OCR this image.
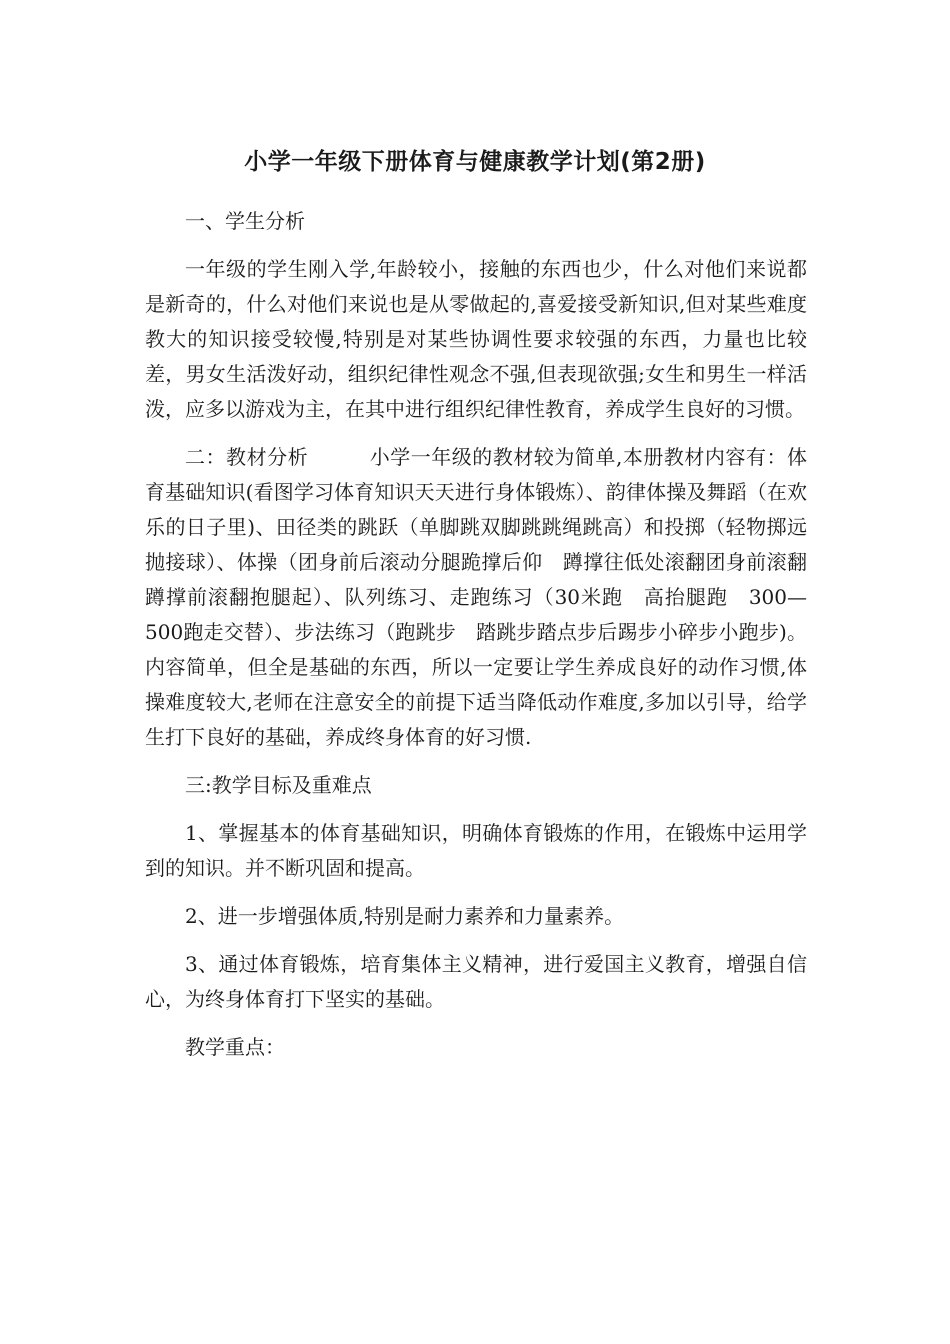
小学一年级下册体育与健康教学计划(第2册)

一、学生分析

一年级的学生刚入学,年龄较小，接触的东西也少，什么对他们来说都是新奇的，什么对他们来说也是从零做起的,喜爱接受新知识,但对某些难度教大的知识接受较慢,特别是对某些协调性要求较强的东西，力量也比较差，男女生活泼好动，组织纪律性观念不强,但表现欲强;女生和男生一样活泼，应多以游戏为主，在其中进行组织纪律性教育，养成学生良好的习惯。

二：教材分析　　　小学一年级的教材较为简单,本册教材内容有：体育基础知识(看图学习体育知识天天进行身体锻炼）、韵律体操及舞蹈（在欢乐的日子里)、田径类的跳跃（单脚跳双脚跳跳绳跳高）和投掷（轻物掷远抛接球）、体操（团身前后滚动分腿跪撑后仰　蹲撑往低处滚翻团身前滚翻蹲撑前滚翻抱腿起）、队列练习、走跑练习（30米跑　高抬腿跑　300—500跑走交替）、步法练习（跑跳步　踏跳步踏点步后踢步小碎步小跑步)。内容简单，但全是基础的东西，所以一定要让学生养成良好的动作习惯,体操难度较大,老师在注意安全的前提下适当降低动作难度,多加以引导，给学生打下良好的基础，养成终身体育的好习惯.

三:教学目标及重难点

1、掌握基本的体育基础知识，明确体育锻炼的作用，在锻炼中运用学到的知识。并不断巩固和提高。

2、进一步增强体质,特别是耐力素养和力量素养。

3、通过体育锻炼，培育集体主义精神，进行爱国主义教育，增强自信心，为终身体育打下坚实的基础。

教学重点：
